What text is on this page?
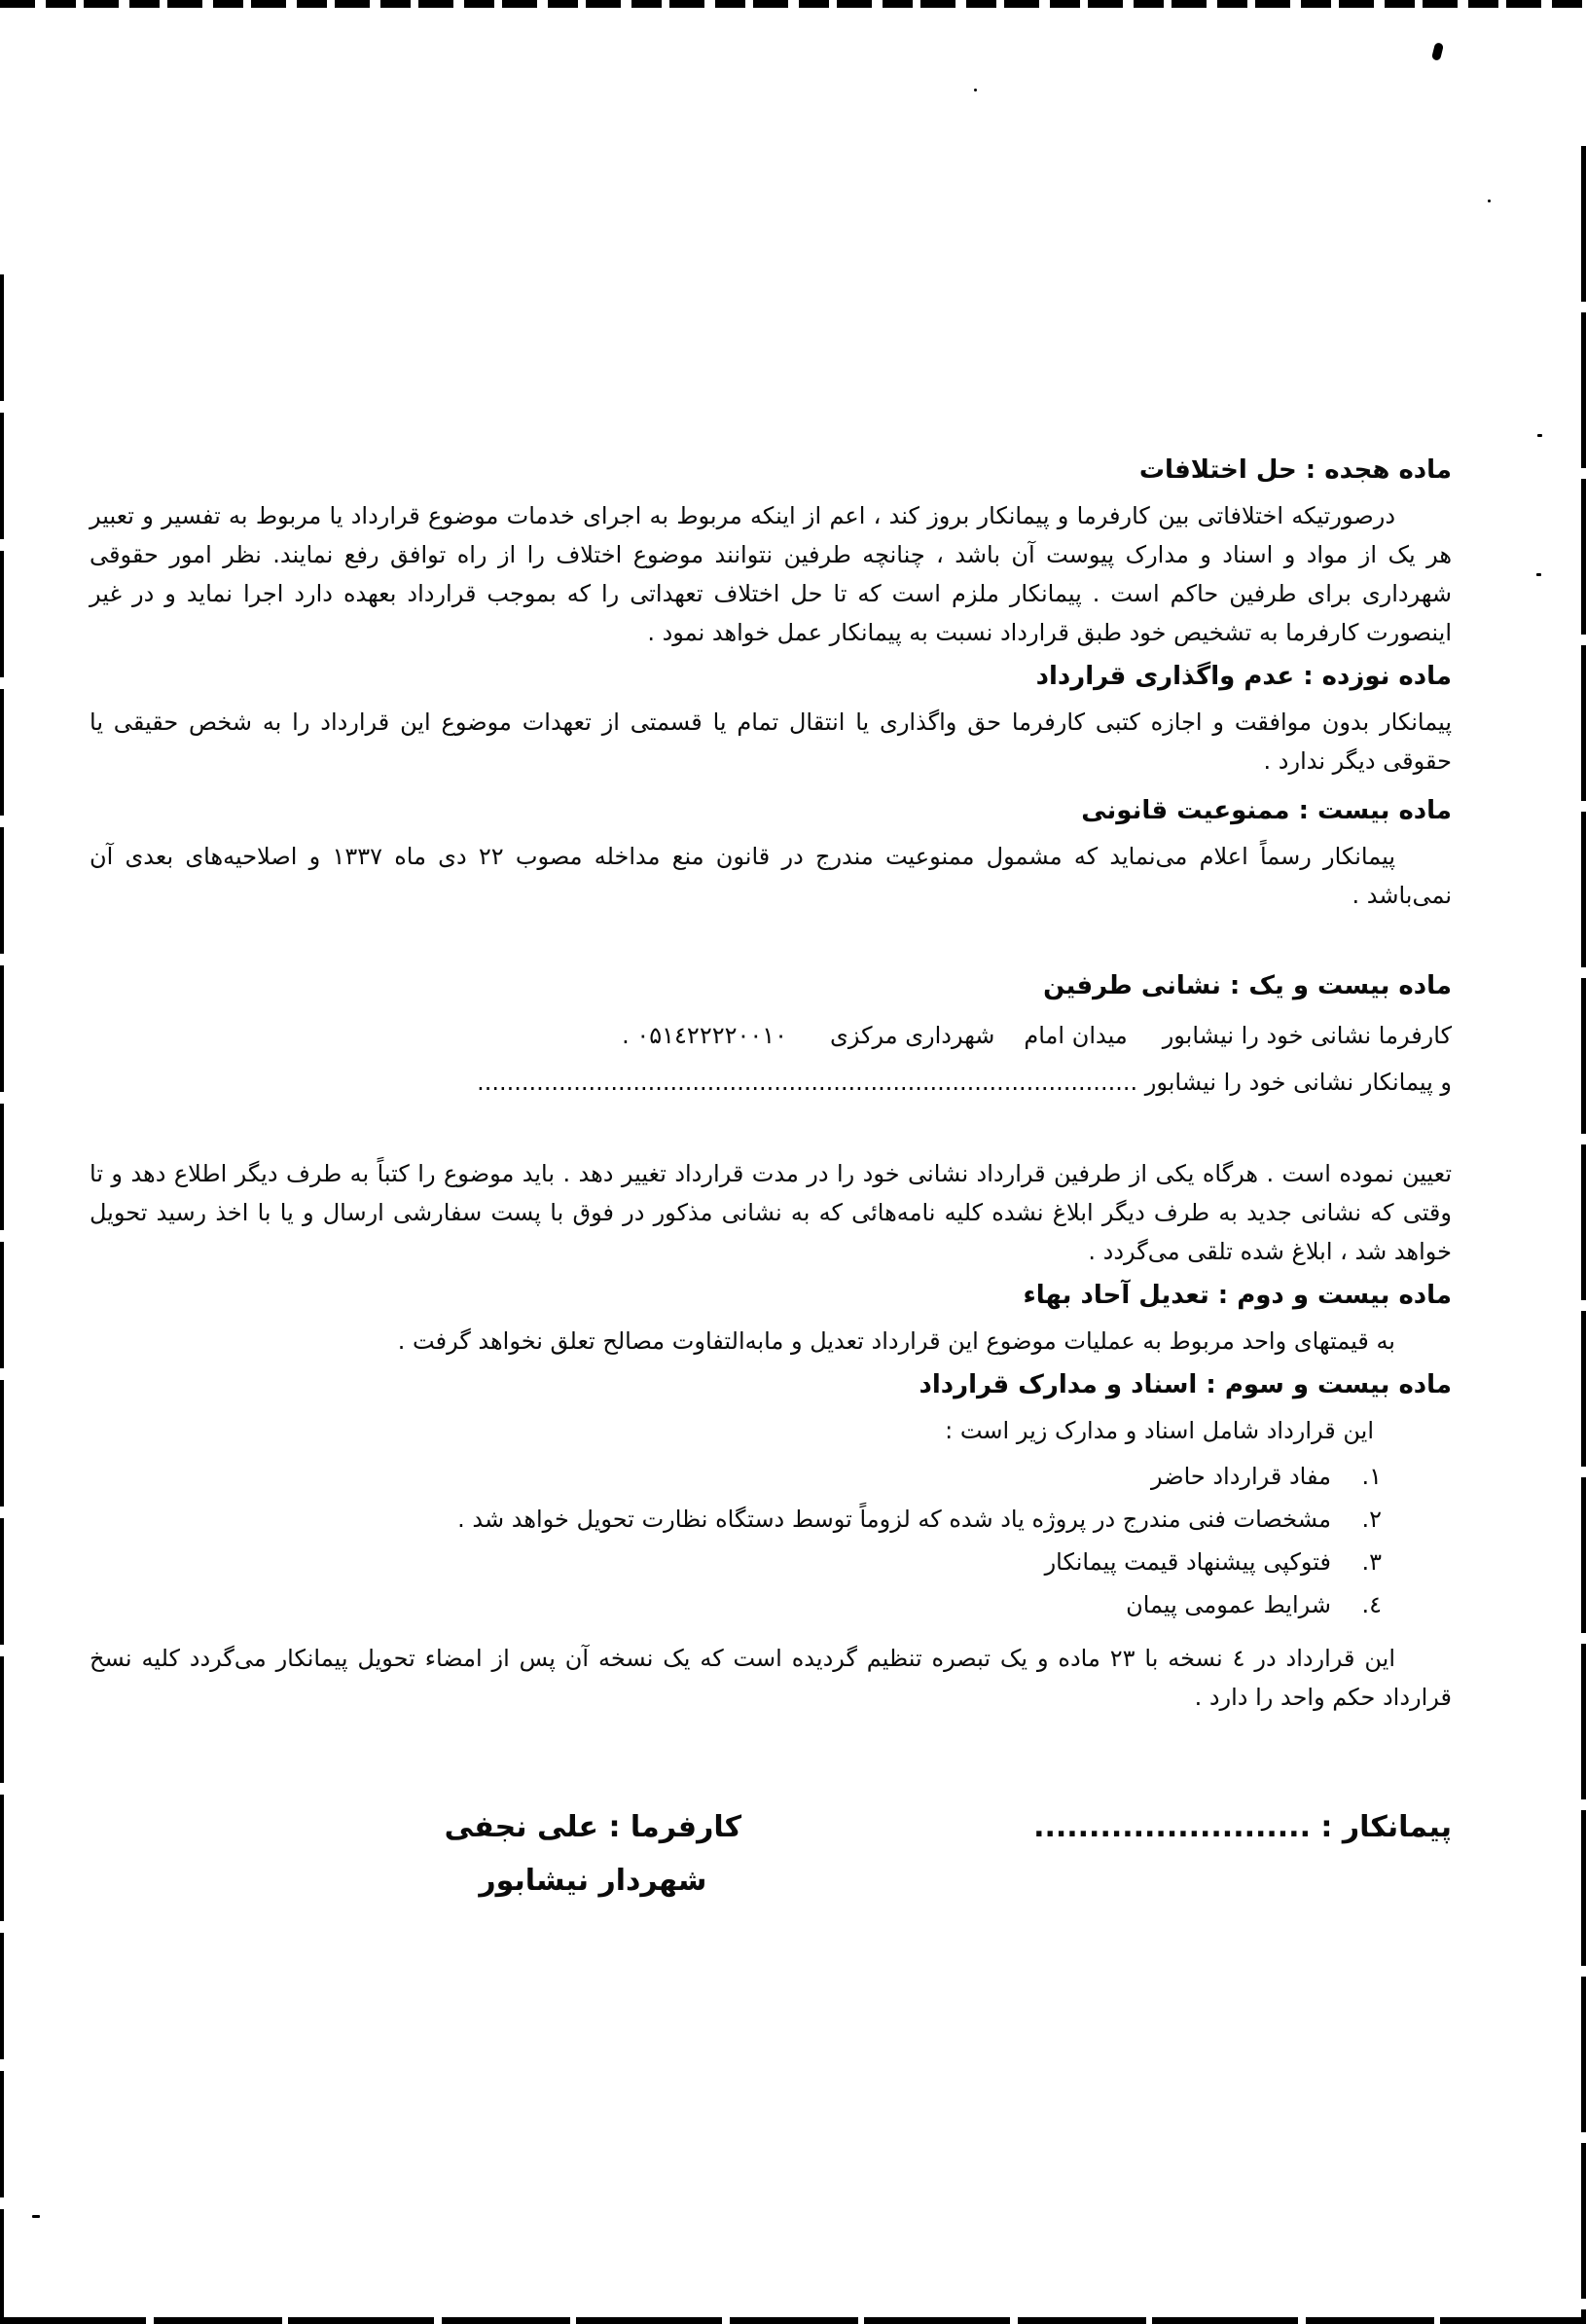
ماده هجده : حل اختلافات

درصورتیکه اختلافاتی بین کارفرما و پیمانکار بروز کند ، اعم از اینکه مربوط به اجرای خدمات موضوع قرارداد یا مربوط به تفسیر و تعبیر هر یک از مواد و اسناد و مدارک پیوست آن باشد ، چنانچه طرفین نتوانند موضوع اختلاف را از راه توافق رفع نمایند. نظر امور حقوقی شهرداری برای طرفین حاکم است . پیمانکار ملزم است که تا حل اختلاف تعهداتی را که بموجب قرارداد بعهده دارد اجرا نماید و در غیر اینصورت کارفرما به تشخیص خود طبق قرارداد نسبت به پیمانکار عمل خواهد نمود .

ماده نوزده : عدم واگذاری قرارداد

پیمانکار بدون موافقت و اجازه کتبی کارفرما حق واگذاری یا انتقال تمام یا قسمتی از تعهدات موضوع این قرارداد را به شخص حقیقی یا حقوقی دیگر ندارد .

ماده بیست : ممنوعیت قانونی

پیمانکار رسماً اعلام می‌نماید که مشمول ممنوعیت مندرج در قانون منع مداخله مصوب ۲۲ دی ماه ۱۳۳۷ و اصلاحیه‌های بعدی آن نمی‌باشد .

ماده بیست و یک : نشانی طرفین
کارفرما نشانی خود را نیشابورمیدان امامشهرداری مرکزی۰۵۱٤۲۲۲۲۰۰۱۰ .
و پیمانکار نشانی خود را نیشابور .........................................................................................

تعیین نموده است . هرگاه یکی از طرفین قرارداد نشانی خود را در مدت قرارداد تغییر دهد . باید موضوع را کتباً به طرف دیگر اطلاع دهد و تا وقتی که نشانی جدید به طرف دیگر ابلاغ نشده کلیه نامه‌هائی که به نشانی مذکور در فوق با پست سفارشی ارسال و یا با اخذ رسید تحویل خواهد شد ، ابلاغ شده تلقی می‌گردد .

ماده بیست و دوم : تعدیل آحاد بهاء

به قیمتهای واحد مربوط به عملیات موضوع این قرارداد تعدیل و مابه‌التفاوت مصالح تعلق نخواهد گرفت .

ماده بیست و سوم : اسناد و مدارک قرارداد

این قرارداد شامل اسناد و مدارک زیر است :

۱.
مفاد قرارداد حاضر
۲.
مشخصات فنی مندرج در پروژه یاد شده که لزوماً توسط دستگاه نظارت تحویل خواهد شد .
۳.
فتوکپی پیشنهاد قیمت پیمانکار
٤.
شرایط عمومی پیمان

این قرارداد در ٤ نسخه با ۲۳ ماده و یک تبصره تنظیم گردیده است که یک نسخه آن پس از امضاء تحویل پیمانکار می‌گردد کلیه نسخ قرارداد حکم واحد را دارد .

پیمانکار : .........................
کارفرما : علی نجفی
شهردار نیشابور
